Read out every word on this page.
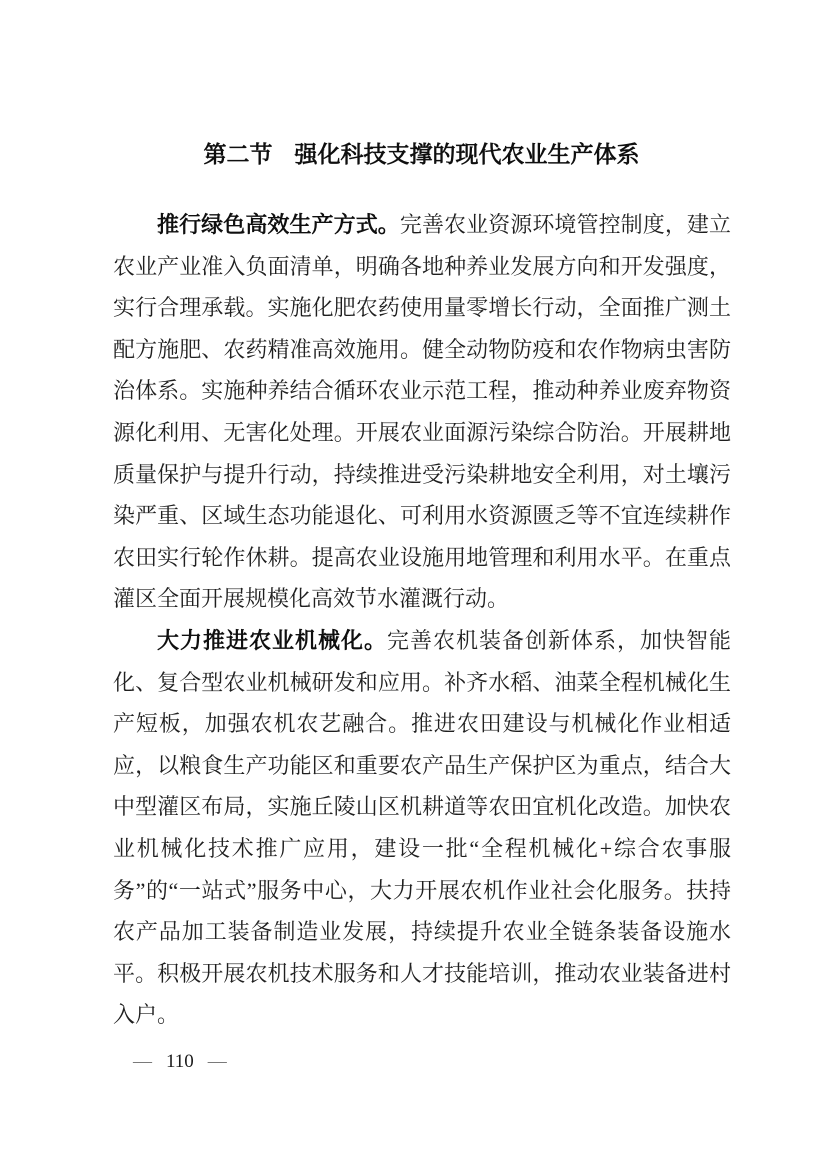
第二节 强化科技支撑的现代农业生产体系

推行绿色高效生产方式。完善农业资源环境管控制度，建立农业产业准入负面清单，明确各地种养业发展方向和开发强度，实行合理承载。实施化肥农药使用量零增长行动，全面推广测土配方施肥、农药精准高效施用。健全动物防疫和农作物病虫害防治体系。实施种养结合循环农业示范工程，推动种养业废弃物资源化利用、无害化处理。开展农业面源污染综合防治。开展耕地质量保护与提升行动，持续推进受污染耕地安全利用，对土壤污染严重、区域生态功能退化、可利用水资源匮乏等不宜连续耕作农田实行轮作休耕。提高农业设施用地管理和利用水平。在重点灌区全面开展规模化高效节水灌溉行动。

大力推进农业机械化。完善农机装备创新体系，加快智能化、复合型农业机械研发和应用。补齐水稻、油菜全程机械化生产短板，加强农机农艺融合。推进农田建设与机械化作业相适应，以粮食生产功能区和重要农产品生产保护区为重点，结合大中型灌区布局，实施丘陵山区机耕道等农田宜机化改造。加快农业机械化技术推广应用，建设一批“全程机械化+综合农事服务”的“一站式”服务中心，大力开展农机作业社会化服务。扶持农产品加工装备制造业发展，持续提升农业全链条装备设施水平。积极开展农机技术服务和人才技能培训，推动农业装备进村入户。

— 110 —
